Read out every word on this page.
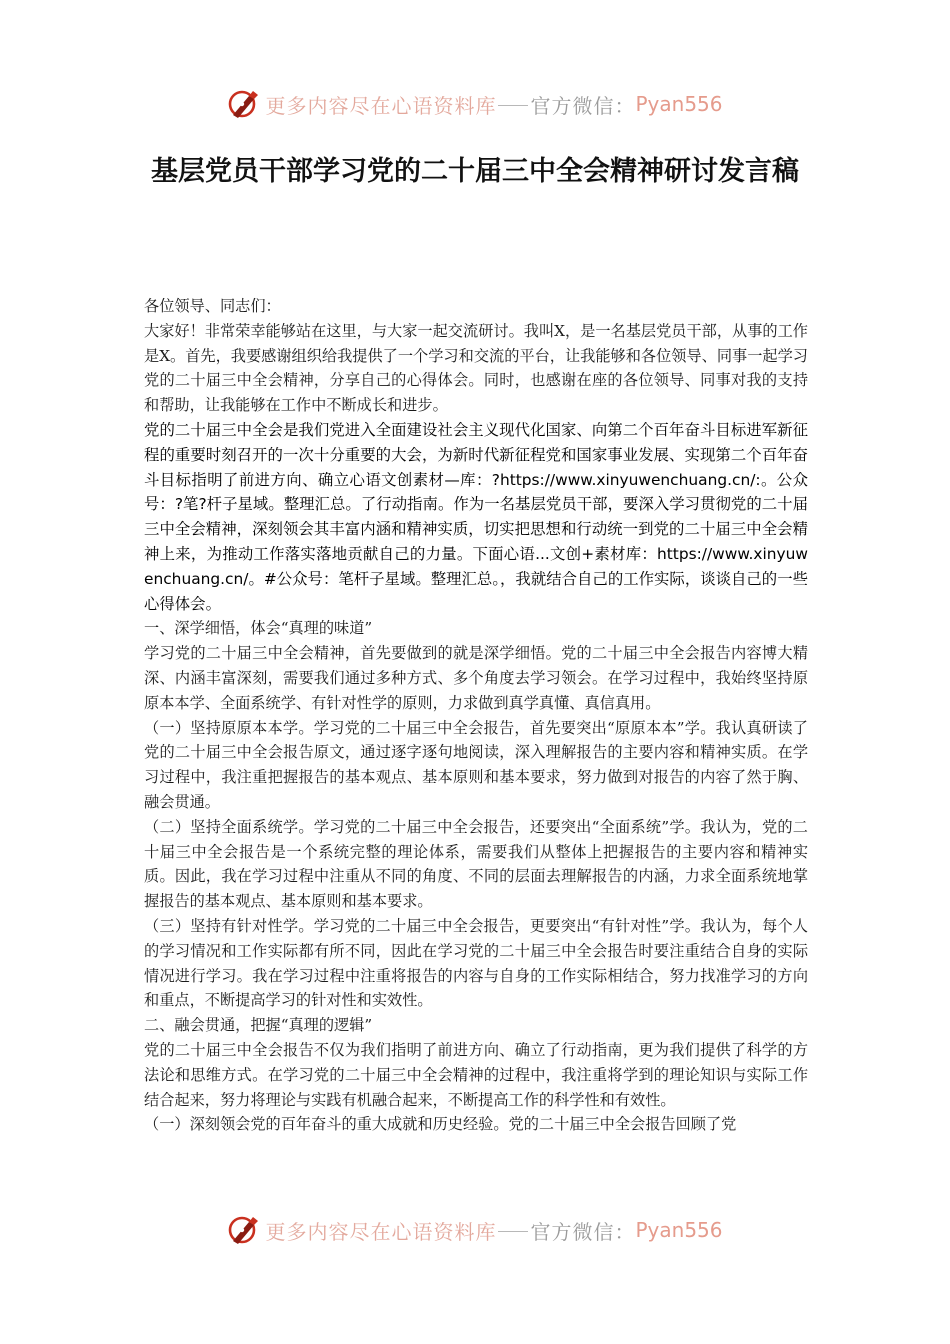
更多内容尽在心语资料库 官方微信： Pyan556
基层党员干部学习党的二十届三中全会精神研讨发言稿

各位领导、同志们：

大家好！非常荣幸能够站在这里，与大家一起交流研讨。我叫X，是一名基层党员干部，从事的工作是X。首先，我要感谢组织给我提供了一个学习和交流的平台，让我能够和各位领导、同事一起学习党的二十届三中全会精神，分享自己的心得体会。同时，也感谢在座的各位领导、同事对我的支持和帮助，让我能够在工作中不断成长和进步。

党的二十届三中全会是我们党进入全面建设社会主义现代化国家、向第二个百年奋斗目标进军新征程的重要时刻召开的一次十分重要的大会，为新时代新征程党和国家事业发展、实现第二个百年奋斗目标指明了前进方向、确立心语文创素材—库：?https://www.xinyuwenchuang.cn/:。公众号：?笔?杆子星域。整理汇总。了行动指南。作为一名基层党员干部，要深入学习贯彻党的二十届三中全会精神，深刻领会其丰富内涵和精神实质，切实把思想和行动统一到党的二十届三中全会精神上来，为推动工作落实落地贡献自己的力量。下面心语...文创+素材库：https://www.xinyuwenchuang.cn/。#公众号：笔杆子星域。整理汇总。，我就结合自己的工作实际，谈谈自己的一些心得体会。

一、深学细悟，体会“真理的味道”

学习党的二十届三中全会精神，首先要做到的就是深学细悟。党的二十届三中全会报告内容博大精深、内涵丰富深刻，需要我们通过多种方式、多个角度去学习领会。在学习过程中，我始终坚持原原本本学、全面系统学、有针对性学的原则，力求做到真学真懂、真信真用。

（一）坚持原原本本学。学习党的二十届三中全会报告，首先要突出“原原本本”学。我认真研读了党的二十届三中全会报告原文，通过逐字逐句地阅读，深入理解报告的主要内容和精神实质。在学习过程中，我注重把握报告的基本观点、基本原则和基本要求，努力做到对报告的内容了然于胸、融会贯通。

（二）坚持全面系统学。学习党的二十届三中全会报告，还要突出“全面系统”学。我认为，党的二十届三中全会报告是一个系统完整的理论体系，需要我们从整体上把握报告的主要内容和精神实质。因此，我在学习过程中注重从不同的角度、不同的层面去理解报告的内涵，力求全面系统地掌握报告的基本观点、基本原则和基本要求。

（三）坚持有针对性学。学习党的二十届三中全会报告，更要突出“有针对性”学。我认为，每个人的学习情况和工作实际都有所不同，因此在学习党的二十届三中全会报告时要注重结合自身的实际情况进行学习。我在学习过程中注重将报告的内容与自身的工作实际相结合，努力找准学习的方向和重点，不断提高学习的针对性和实效性。

二、融会贯通，把握“真理的逻辑”

党的二十届三中全会报告不仅为我们指明了前进方向、确立了行动指南，更为我们提供了科学的方法论和思维方式。在学习党的二十届三中全会精神的过程中，我注重将学到的理论知识与实际工作结合起来，努力将理论与实践有机融合起来，不断提高工作的科学性和有效性。

（一）深刻领会党的百年奋斗的重大成就和历史经验。党的二十届三中全会报告回顾了党

更多内容尽在心语资料库 官方微信： Pyan556
